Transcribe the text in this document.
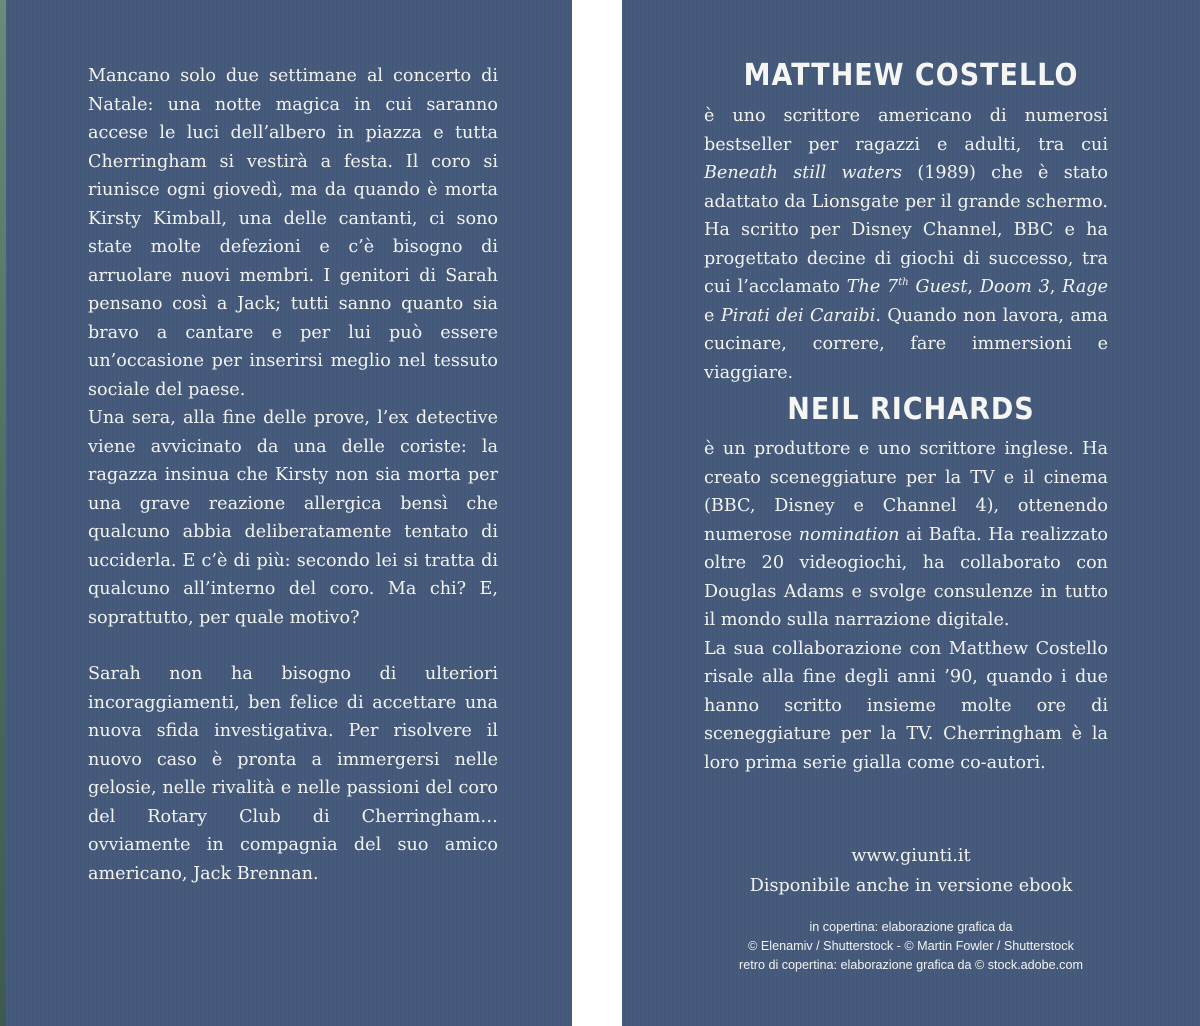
Mancano solo due settimane al concerto di Natale: una notte magica in cui saranno accese le luci dell’albero in piazza e tutta Cherringham si vestirà a festa. Il coro si riunisce ogni giovedì, ma da quando è morta Kirsty Kimball, una delle cantanti, ci sono state molte defezioni e c’è bisogno di arruolare nuovi membri. I genitori di Sarah pensano così a Jack; tutti sanno quanto sia bravo a cantare e per lui può essere un’occasione per inserirsi meglio nel tessuto sociale del paese.

Una sera, alla fine delle prove, l’ex detective viene avvicinato da una delle coriste: la ragazza insinua che Kirsty non sia morta per una grave reazione allergica bensì che qualcuno abbia deliberatamente tentato di ucciderla. E c’è di più: secondo lei si tratta di qualcuno all’interno del coro. Ma chi? E, soprattutto, per quale motivo?

Sarah non ha bisogno di ulteriori incoraggiamenti, ben felice di accettare una nuova sfida investigativa. Per risolvere il nuovo caso è pronta a immergersi nelle gelosie, nelle rivalità e nelle passioni del coro del Rotary Club di Cherringham… ovviamente in compagnia del suo amico americano, Jack Brennan.

MATTHEW COSTELLO

è uno scrittore americano di numerosi bestseller per ragazzi e adulti, tra cui Beneath still waters (1989) che è stato adattato da Lionsgate per il grande schermo. Ha scritto per Disney Channel, BBC e ha progettato decine di giochi di successo, tra cui l’acclamato The 7th Guest, Doom 3, Rage e Pirati dei Caraibi. Quando non lavora, ama cucinare, correre, fare immersioni e viaggiare.

NEIL RICHARDS

è un produttore e uno scrittore inglese. Ha creato sceneggiature per la TV e il cinema (BBC, Disney e Channel 4), ottenendo numerose nomination ai Bafta. Ha realizzato oltre 20 videogiochi, ha collaborato con Douglas Adams e svolge consulenze in tutto il mondo sulla narrazione digitale.

La sua collaborazione con Matthew Costello risale alla fine degli anni ’90, quando i due hanno scritto insieme molte ore di sceneggiature per la TV. Cherringham è la loro prima serie gialla come co-autori.

www.giunti.it
Disponibile anche in versione ebook
in copertina: elaborazione grafica da
© Elenamiv / Shutterstock - © Martin Fowler / Shutterstock
retro di copertina: elaborazione grafica da © stock.adobe.com
